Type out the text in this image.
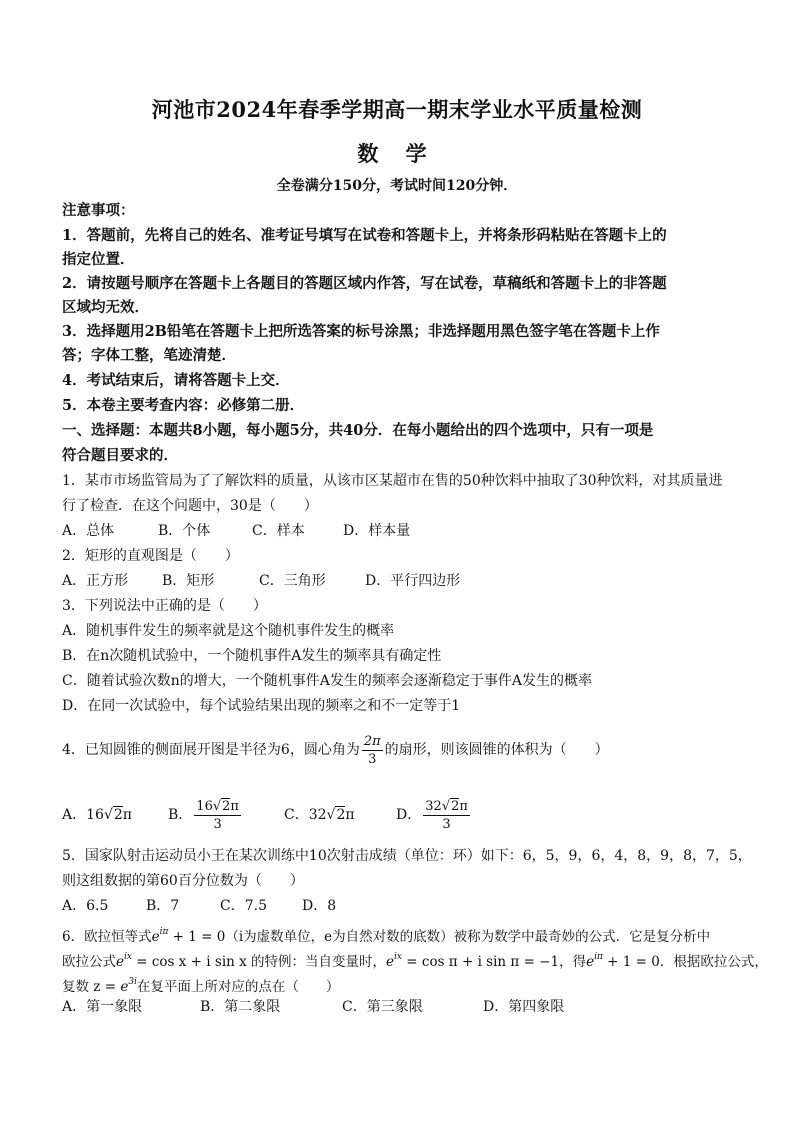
河池市2024年春季学期高一期末学业水平质量检测
数 学
全卷满分150分，考试时间120分钟．
注意事项：
1．答题前，先将自己的姓名、准考证号填写在试卷和答题卡上，并将条形码粘贴在答题卡上的
指定位置．
2．请按题号顺序在答题卡上各题目的答题区域内作答，写在试卷，草稿纸和答题卡上的非答题
区域均无效．
3．选择题用2B铅笔在答题卡上把所选答案的标号涂黑；非选择题用黑色签字笔在答题卡上作
答；字体工整，笔迹清楚．
4．考试结束后，请将答题卡上交．
5．本卷主要考查内容：必修第二册．
一、选择题：本题共8小题，每小题5分，共40分．在每小题给出的四个选项中，只有一项是
符合题目要求的．
1．某市市场监管局为了了解饮料的质量，从该市区某超市在售的50种饮料中抽取了30种饮料，对其质量进
行了检查．在这个问题中，30是（　　）
A．总体	B．个体	C．样本	D．样本量
2．矩形的直观图是（　　）
A．正方形 B．矩形	C．三角形	D．平行四边形
3．下列说法中正确的是（　　）
A．随机事件发生的频率就是这个随机事件发生的概率
B．在n次随机试验中，一个随机事件A发生的频率具有确定性
C．随着试验次数n的增大，一个随机事件A发生的频率会逐渐稳定于事件A发生的概率
D．在同一次试验中，每个试验结果出现的频率之和不一定等于1
4．已知圆锥的侧面展开图是半径为6，圆心角为 $\frac{2\pi}{3}$ 的扇形，则该圆锥的体积为（　　）
A．16√2π	B． $\frac{16√2\pi}{3}$	C．32√2π	D． $\frac{32√2\pi}{3}$
5．国家队射击运动员小王在某次训练中10次射击成绩（单位：环）如下：6，5，9，6，4，8，9，8，7，5，
则这组数据的第60百分位数为（　　）
A．6.5	B．7	C．7.5	D．8
6．欧拉恒等式$e^{i\pi} + 1 = 0(i$为虚数单位，e为自然对数的底数）被称为数学中最奇妙的公式．它是复分析中
欧拉公式$e^{ix} = \cos x + i$ sin x 的特例：当自变量时，$e^{ix} = \cos \pi + i$ sin π = −1，得$e^{i\pi} + 1 = 0$．根据欧拉公式，
复数 $z = e^{3i}$在复平面上所对应的点在（　　）
A．第一象限	B．第二象限	C．第三象限	D．第四象限
